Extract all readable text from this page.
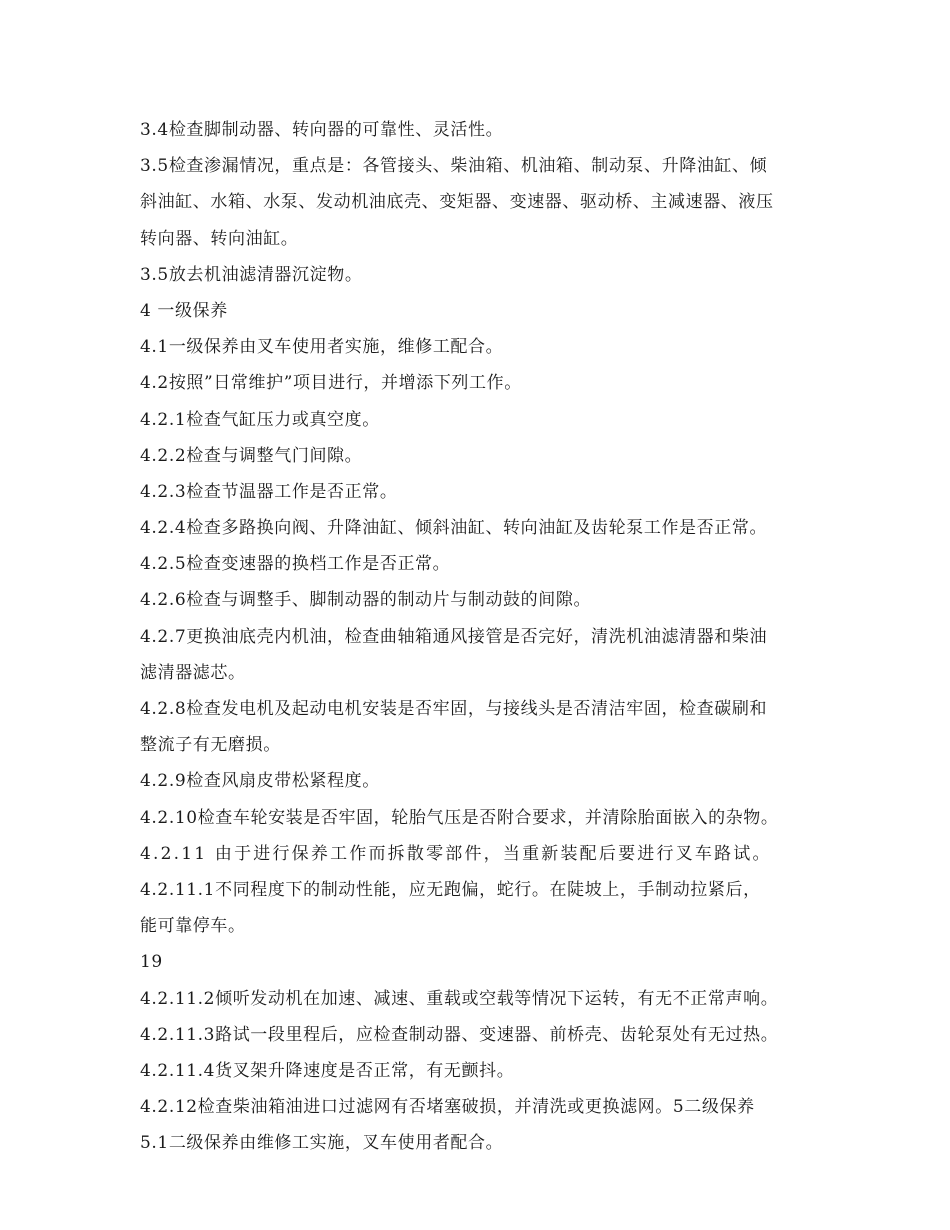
3.4检查脚制动器、转向器的可靠性、灵活性。
3.5检查渗漏情况，重点是：各管接头、柴油箱、机油箱、制动泵、升降油缸、倾
斜油缸、水箱、水泵、发动机油底壳、变矩器、变速器、驱动桥、主减速器、液压
转向器、转向油缸。
3.5放去机油滤清器沉淀物。
4 一级保养
4.1一级保养由叉车使用者实施，维修工配合。
4.2按照”日常维护”项目进行，并增添下列工作。
4.2.1检查气缸压力或真空度。
4.2.2检查与调整气门间隙。
4.2.3检查节温器工作是否正常。
4.2.4检查多路换向阀、升降油缸、倾斜油缸、转向油缸及齿轮泵工作是否正常。
4.2.5检查变速器的换档工作是否正常。
4.2.6检查与调整手、脚制动器的制动片与制动鼓的间隙。
4.2.7更换油底壳内机油，检查曲轴箱通风接管是否完好，清洗机油滤清器和柴油
滤清器滤芯。
4.2.8检查发电机及起动电机安装是否牢固，与接线头是否清洁牢固，检查碳刷和
整流子有无磨损。
4.2.9检查风扇皮带松紧程度。
4.2.10检查车轮安装是否牢固，轮胎气压是否附合要求，并清除胎面嵌入的杂物。
4.2.11 由于进行保养工作而拆散零部件，当重新装配后要进行叉车路试。
4.2.11.1不同程度下的制动性能，应无跑偏，蛇行。在陡坡上，手制动拉紧后，
能可靠停车。
19
4.2.11.2倾听发动机在加速、减速、重载或空载等情况下运转，有无不正常声响。
4.2.11.3路试一段里程后，应检查制动器、变速器、前桥壳、齿轮泵处有无过热。
4.2.11.4货叉架升降速度是否正常，有无颤抖。
4.2.12检查柴油箱油进口过滤网有否堵塞破损，并清洗或更换滤网。5二级保养
5.1二级保养由维修工实施，叉车使用者配合。
